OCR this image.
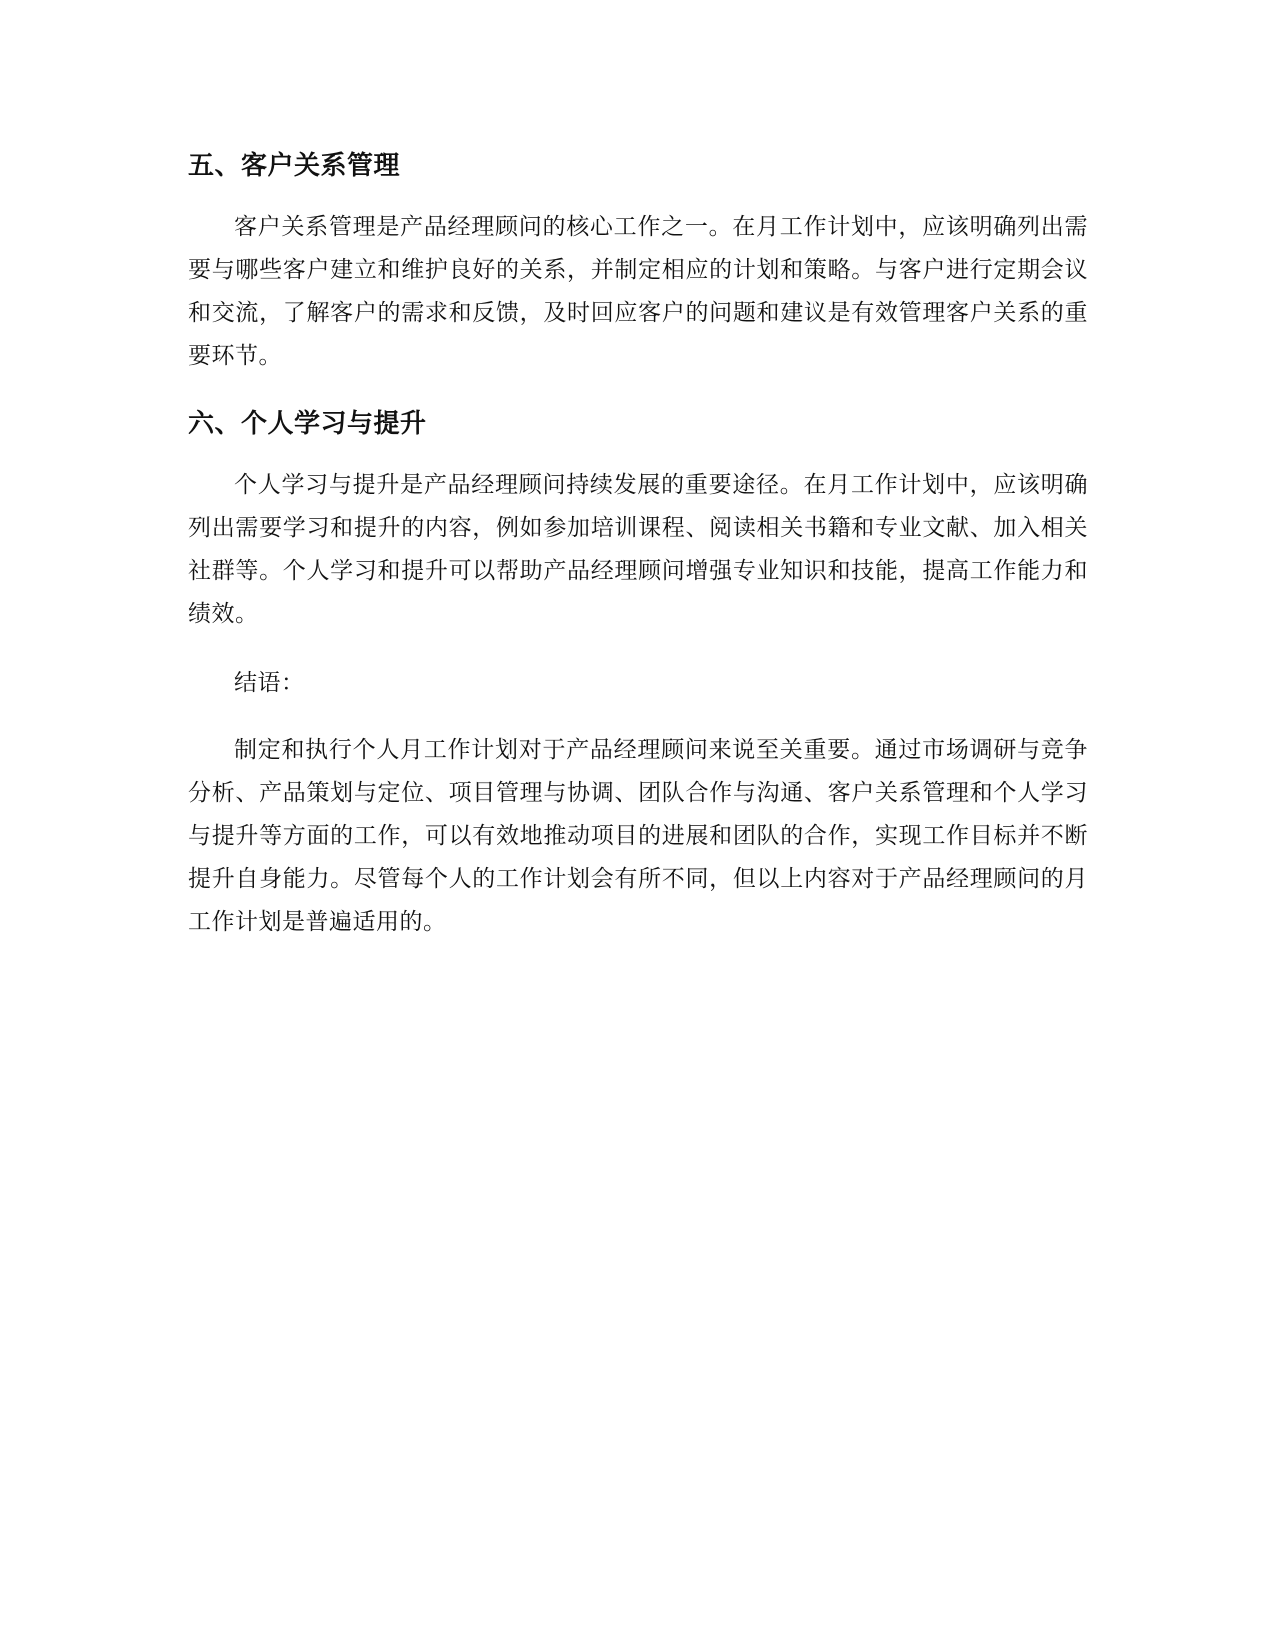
五、客户关系管理

客户关系管理是产品经理顾问的核心工作之一。在月工作计划中，应该明确列出需要与哪些客户建立和维护良好的关系，并制定相应的计划和策略。与客户进行定期会议和交流，了解客户的需求和反馈，及时回应客户的问题和建议是有效管理客户关系的重要环节。

六、个人学习与提升

个人学习与提升是产品经理顾问持续发展的重要途径。在月工作计划中，应该明确列出需要学习和提升的内容，例如参加培训课程、阅读相关书籍和专业文献、加入相关社群等。个人学习和提升可以帮助产品经理顾问增强专业知识和技能，提高工作能力和绩效。

结语：

制定和执行个人月工作计划对于产品经理顾问来说至关重要。通过市场调研与竞争分析、产品策划与定位、项目管理与协调、团队合作与沟通、客户关系管理和个人学习与提升等方面的工作，可以有效地推动项目的进展和团队的合作，实现工作目标并不断提升自身能力。尽管每个人的工作计划会有所不同，但以上内容对于产品经理顾问的月工作计划是普遍适用的。
